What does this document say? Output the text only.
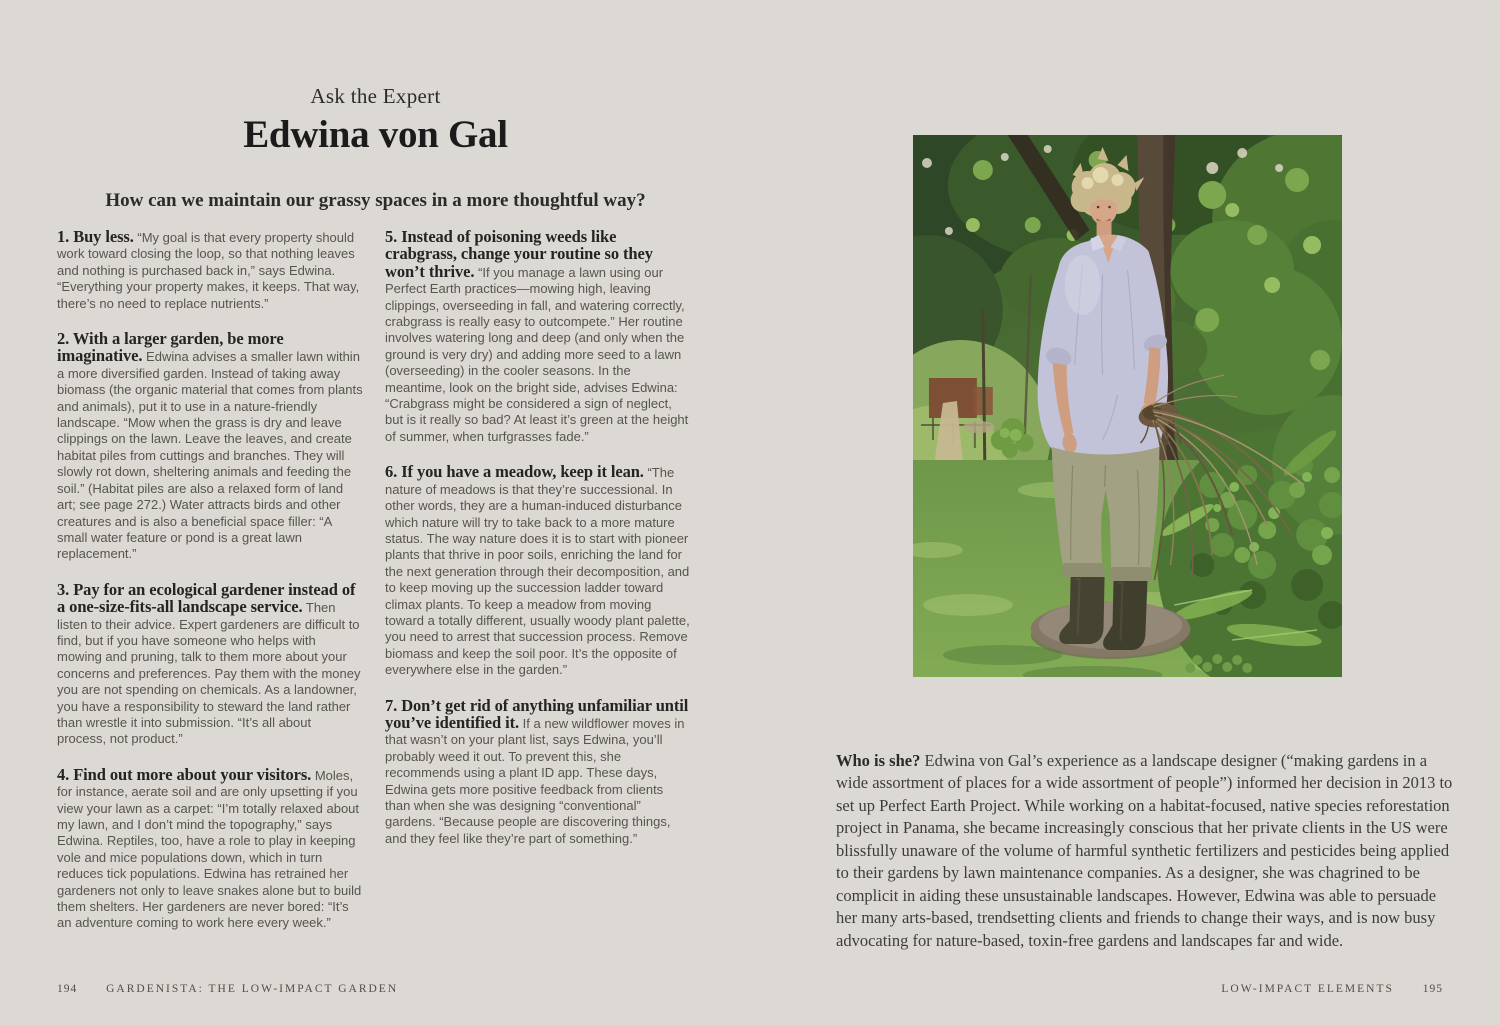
Ask the Expert
Edwina von Gal
How can we maintain our grassy spaces in a more thoughtful way?

1. Buy less. “My goal is that every property should work toward closing the loop, so that nothing leaves and nothing is purchased back in,” says Edwina. “Everything your property makes, it keeps. That way, there’s no need to replace nutrients.”

2. With a larger garden, be more imaginative. Edwina advises a smaller lawn within a more diversified garden. Instead of taking away biomass (the organic material that comes from plants and animals), put it to use in a nature-friendly landscape. “Mow when the grass is dry and leave clippings on the lawn. Leave the leaves, and create habitat piles from cuttings and branches. They will slowly rot down, sheltering animals and feeding the soil.” (Habitat piles are also a relaxed form of land art; see page 272.) Water attracts birds and other creatures and is also a beneficial space filler: “A small water feature or pond is a great lawn replacement.”

3. Pay for an ecological gardener instead of a one-size-fits-all landscape service. Then listen to their advice. Expert gardeners are difficult to find, but if you have someone who helps with mowing and pruning, talk to them more about your concerns and preferences. Pay them with the money you are not spending on chemicals. As a landowner, you have a responsibility to steward the land rather than wrestle it into submission. “It’s all about process, not product.”

4. Find out more about your visitors. Moles, for instance, aerate soil and are only upsetting if you view your lawn as a carpet: “I’m totally relaxed about my lawn, and I don’t mind the topography,” says Edwina. Reptiles, too, have a role to play in keeping vole and mice populations down, which in turn reduces tick populations. Edwina has retrained her gardeners not only to leave snakes alone but to build them shelters. Her gardeners are never bored: “It’s an adventure coming to work here every week.”

5. Instead of poisoning weeds like crabgrass, change your routine so they won’t thrive. “If you manage a lawn using our Perfect Earth practices—mowing high, leaving clippings, overseeding in fall, and watering correctly, crabgrass is really easy to outcompete.” Her routine involves watering long and deep (and only when the ground is very dry) and adding more seed to a lawn (overseeding) in the cooler seasons. In the meantime, look on the bright side, advises Edwina: “Crabgrass might be considered a sign of neglect, but is it really so bad? At least it’s green at the height of summer, when turfgrasses fade.”

6. If you have a meadow, keep it lean. “The nature of meadows is that they’re successional. In other words, they are a human-induced disturbance which nature will try to take back to a more mature status. The way nature does it is to start with pioneer plants that thrive in poor soils, enriching the land for the next generation through their decomposition, and to keep moving up the succession ladder toward climax plants. To keep a meadow from moving toward a totally different, usually woody plant palette, you need to arrest that succession process. Remove biomass and keep the soil poor. It’s the opposite of everywhere else in the garden.”

7. Don’t get rid of anything unfamiliar until you’ve identified it. If a new wildflower moves in that wasn’t on your plant list, says Edwina, you’ll probably weed it out. To prevent this, she recommends using a plant ID app. These days, Edwina gets more positive feedback from clients than when she was designing “conventional” gardens. “Because people are discovering things, and they feel like they’re part of something.”

Who is she? Edwina von Gal’s experience as a landscape designer (“making gardens in a wide assortment of places for a wide assortment of people”) informed her decision in 2013 to set up Perfect Earth Project. While working on a habitat-focused, native species reforestation project in Panama, she became increasingly conscious that her private clients in the US were blissfully unaware of the volume of harmful synthetic fertilizers and pesticides being applied to their gardens by lawn maintenance companies. As a designer, she was chagrined to be complicit in aiding these unsustainable landscapes. However, Edwina was able to persuade her many arts-based, trendsetting clients and friends to change their ways, and is now busy advocating for nature-based, toxin-free gardens and landscapes far and wide.

194	GARDENISTA: THE LOW-IMPACT GARDEN	LOW-IMPACT ELEMENTS	195
